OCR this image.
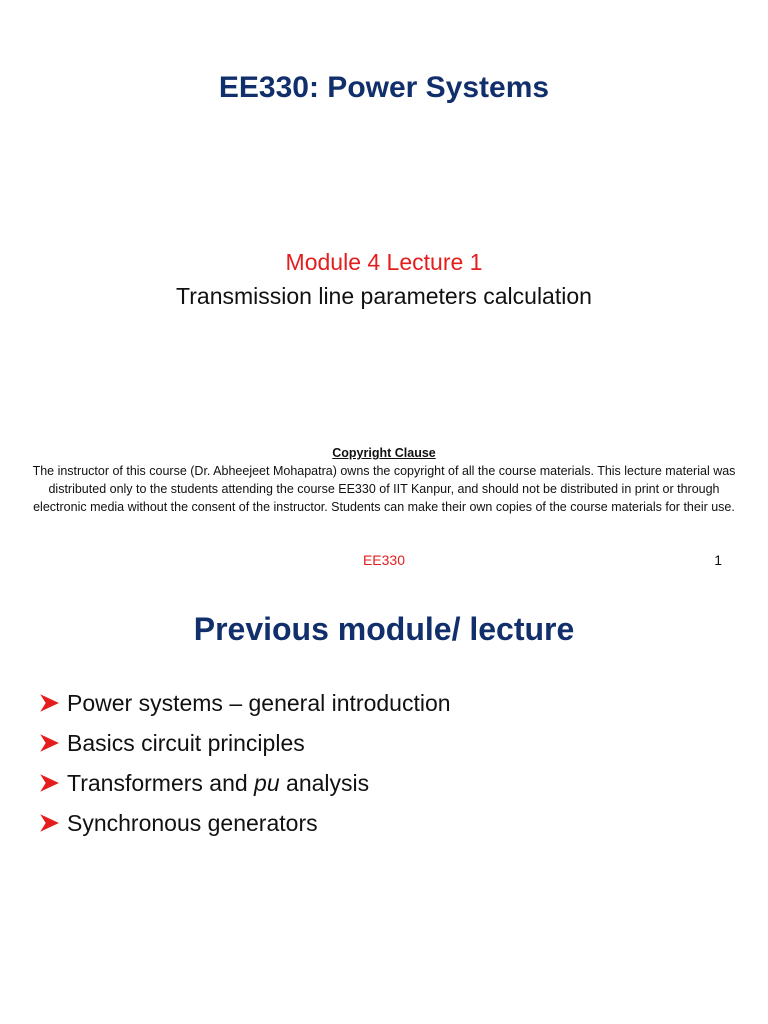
EE330: Power Systems
Module 4 Lecture 1
Transmission line parameters calculation
Copyright Clause
The instructor of this course (Dr. Abheejeet Mohapatra) owns the copyright of all the course materials. This lecture material was distributed only to the students attending the course EE330 of IIT Kanpur, and should not be distributed in print or through electronic media without the consent of the instructor. Students can make their own copies of the course materials for their use.
EE330	1
Previous module/ lecture
Power systems – general introduction
Basics circuit principles
Transformers and pu analysis
Synchronous generators
